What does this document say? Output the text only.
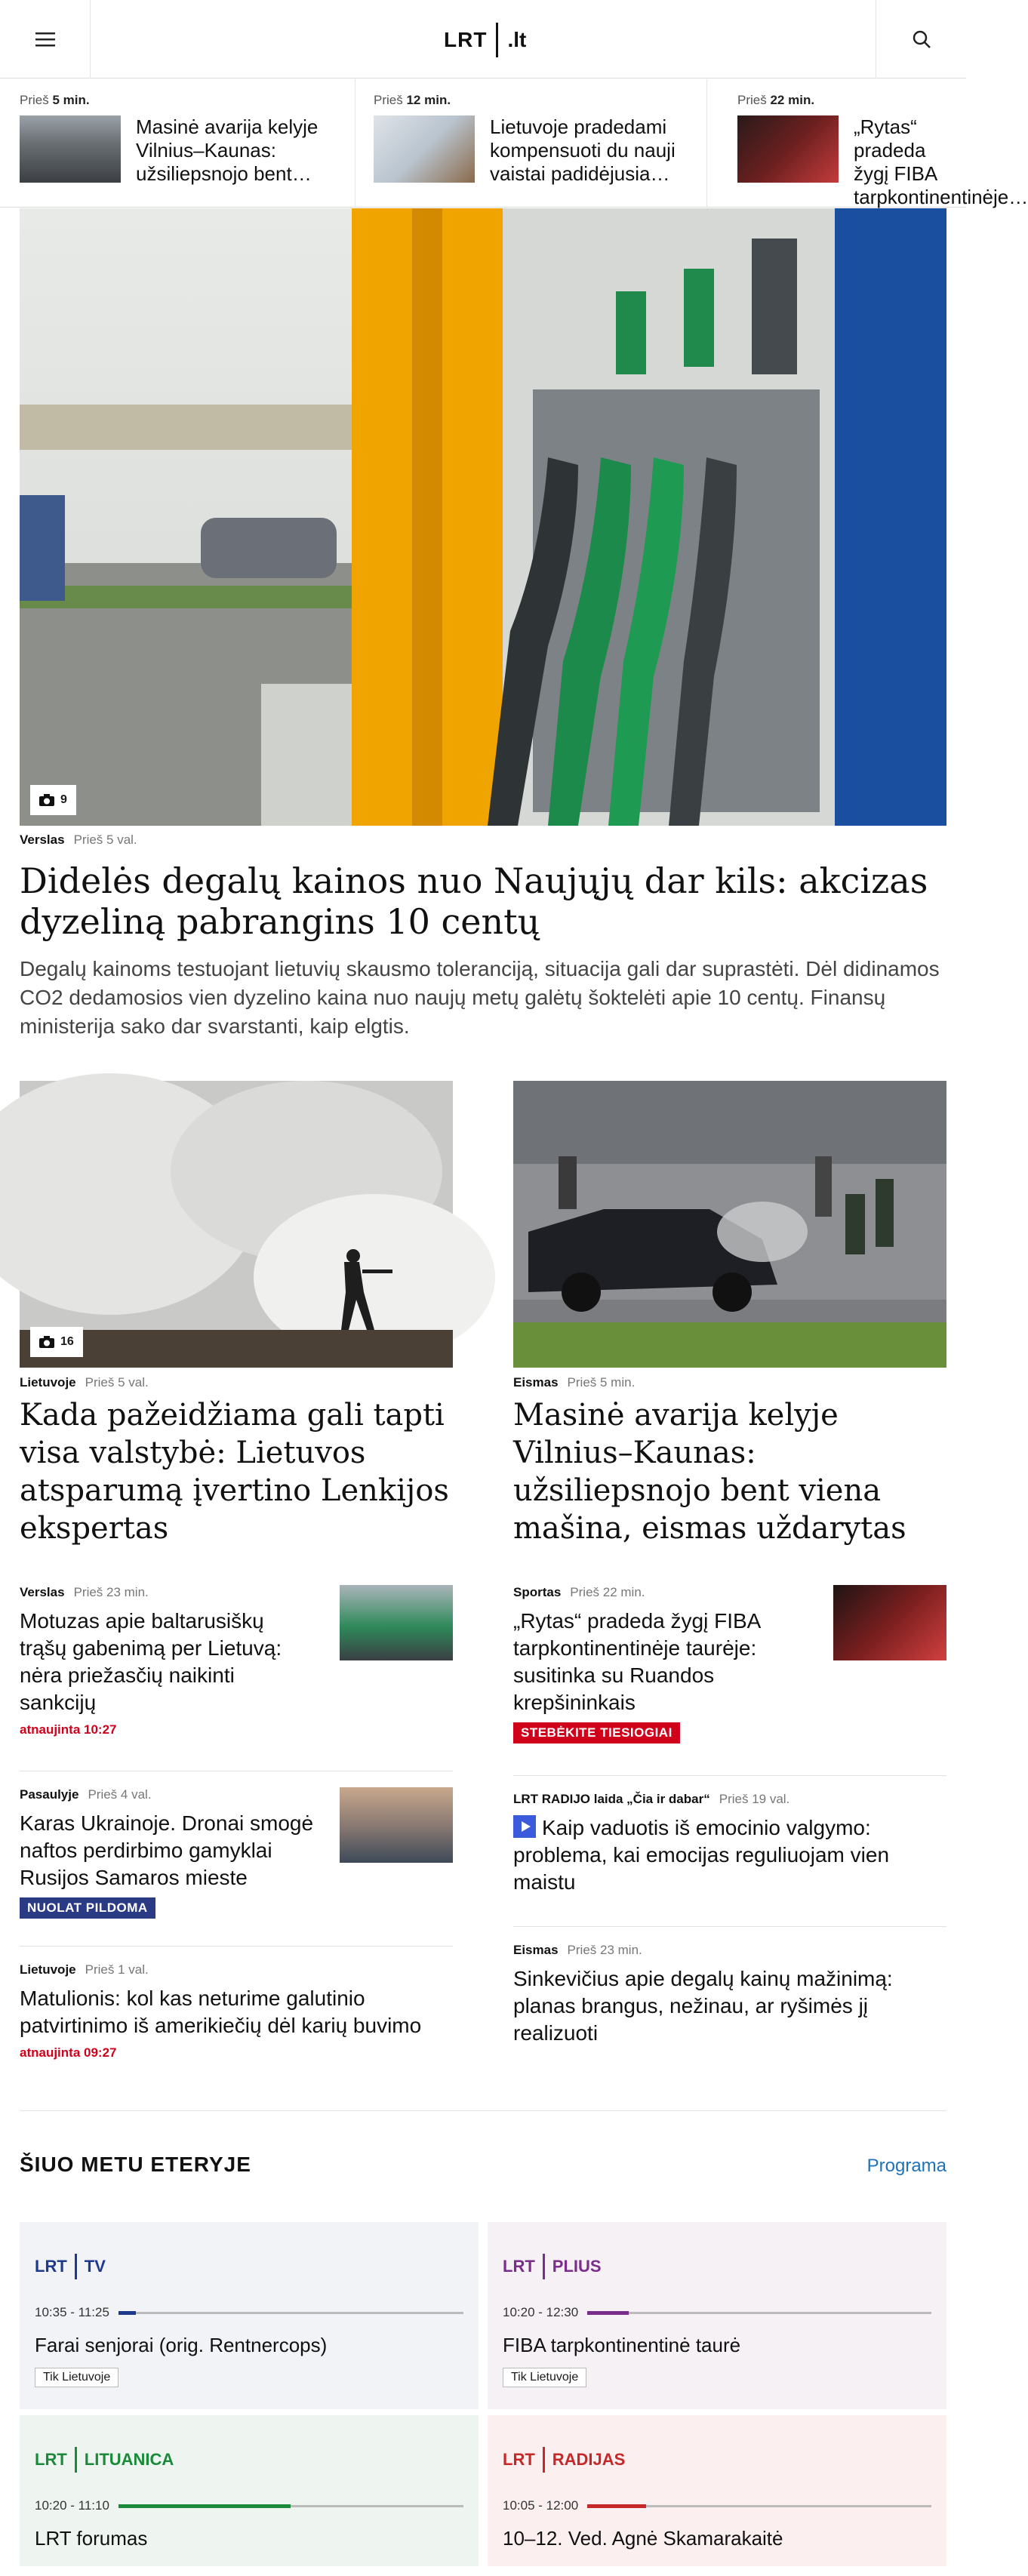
LRT .lt
Prieš 5 min.
Masinė avarija kelyje Vilnius–Kaunas: užsiliepsnojo bent…
Prieš 12 min.
Lietuvoje pradedami kompensuoti du nauji vaistai padidėjusia…
Prieš 22 min.
„Rytas“ pradeda žygį FIBA tarpkontinentinėje…
9
Verslas Prieš 5 val.
Didelės degalų kainos nuo Naujųjų dar kils: akcizas dyzeliną pabrangins 10 centų
Degalų kainoms testuojant lietuvių skausmo toleranciją, situacija gali dar suprastėti. Dėl didinamos CO2 dedamosios vien dyzelino kaina nuo naujų metų galėtų šoktelėti apie 10 centų. Finansų ministerija sako dar svarstanti, kaip elgtis.
16
Lietuvoje Prieš 5 val.
Kada pažeidžiama gali tapti visa valstybė: Lietuvos atsparumą įvertino Lenkijos ekspertas
Eismas Prieš 5 min.
Masinė avarija kelyje Vilnius–Kaunas: užsiliepsnojo bent viena mašina, eismas uždarytas
Verslas Prieš 23 min.
Motuzas apie baltarusiškų trąšų gabenimą per Lietuvą: nėra priežasčių naikinti sankcijų
atnaujinta 10:27
Pasaulyje Prieš 4 val.
Karas Ukrainoje. Dronai smogė naftos perdirbimo gamyklai Rusijos Samaros mieste
NUOLAT PILDOMA
Lietuvoje Prieš 1 val.
Matulionis: kol kas neturime galutinio patvirtinimo iš amerikiečių dėl karių buvimo
atnaujinta 09:27
Sportas Prieš 22 min.
„Rytas“ pradeda žygį FIBA tarpkontinentinėje taurėje: susitinka su Ruandos krepšininkais
STEBĖKITE TIESIOGIAI
LRT RADIJO laida „Čia ir dabar“ Prieš 19 val.
Kaip vaduotis iš emocinio valgymo: problema, kai emocijas reguliuojam vien maistu
Eismas Prieš 23 min.
Sinkevičius apie degalų kainų mažinimą: planas brangus, nežinau, ar ryšimės jį realizuoti
ŠIUO METU ETERYJE	Programa
LRT TV
10:35 - 11:25
Farai senjorai (orig. Rentnercops)
Tik Lietuvoje
LRT PLIUS
10:20 - 12:30
FIBA tarpkontinentinė taurė
Tik Lietuvoje
LRT LITUANICA
10:20 - 11:10
LRT forumas
LRT RADIJAS
10:05 - 12:00
10–12. Ved. Agnė Skamarakaitė
